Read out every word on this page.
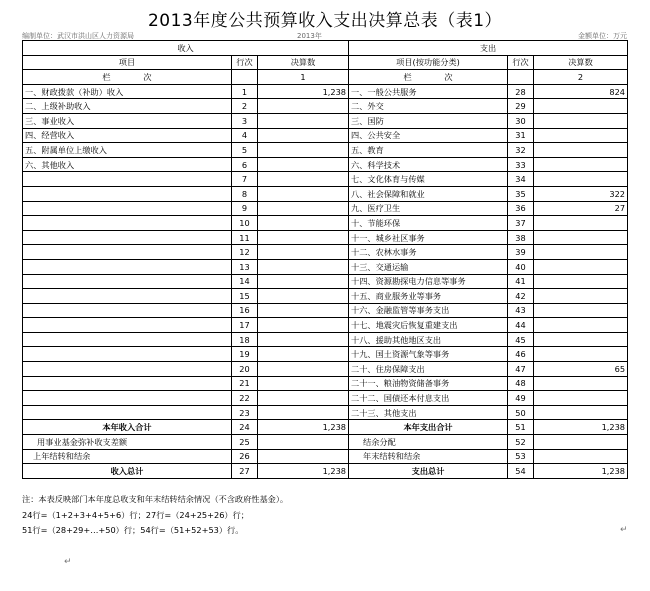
2013年度公共预算收入支出决算总表（表1）
编制单位：武汉市洪山区人力资源局	2013年	金额单位：万元
收入			支出		
项目	行次	决算数	项目(按功能分类)	行次	决算数
栏　　　　次		1	栏　　　　次		2
一、财政拨款（补助）收入	1	1,238	一、一般公共服务	28	824
二、上级补助收入	2		二、外交	29	
三、事业收入	3		三、国防	30	
四、经营收入	4		四、公共安全	31	
五、附属单位上缴收入	5		五、教育	32	
六、其他收入	6		六、科学技术	33	
	7		七、文化体育与传媒	34	
	8		八、社会保障和就业	35	322
	9		九、医疗卫生	36	27
	10		十、节能环保	37	
	11		十一、城乡社区事务	38	
	12		十二、农林水事务	39	
	13		十三、交通运输	40	
	14		十四、资源勘探电力信息等事务	41	
	15		十五、商业服务业等事务	42	
	16		十六、金融监管等事务支出	43	
	17		十七、地震灾后恢复重建支出	44	
	18		十八、援助其他地区支出	45	
	19		十九、国土资源气象等事务	46	
	20		二十、住房保障支出	47	65
	21		二十一、粮油物资储备事务	48	
	22		二十二、国债还本付息支出	49	
	23		二十三、其他支出	50	
本年收入合计	24	1,238	本年支出合计	51	1,238
用事业基金弥补收支差额	25		结余分配	52	
上年结转和结余	26		年末结转和结余	53	
收入总计	27	1,238	支出总计	54	1,238
注：本表反映部门本年度总收支和年末结转结余情况（不含政府性基金）。
24行=（1+2+3+4+5+6）行；27行=（24+25+26）行；
51行=（28+29+…+50）行；54行=（51+52+53）行。	↵
↵
